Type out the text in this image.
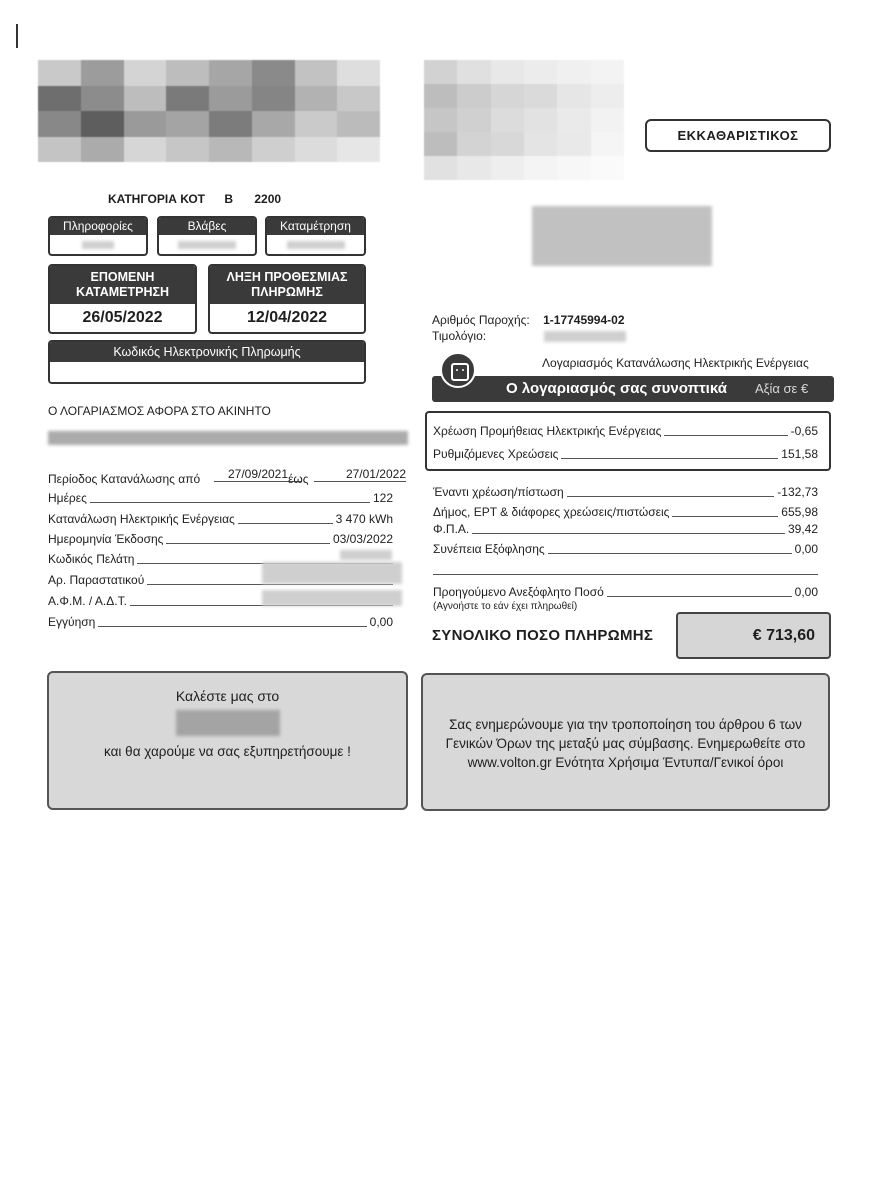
ΕΚΚΑΘΑΡΙΣΤΙΚΟΣ
ΚΑΤΗΓΟΡΙΑ ΚΟΤ B 2200
Πληροφορίες	Βλάβες	Καταμέτρηση
ΕΠΟΜΕΝΗ
ΚΑΤΑΜΕΤΡΗΣΗ
26/05/2022
ΛΗΞΗ ΠΡΟΘΕΣΜΙΑΣ
ΠΛΗΡΩΜΗΣ
12/04/2022
Κωδικός Ηλεκτρονικής Πληρωμής
Ο ΛΟΓΑΡΙΑΣΜΟΣ ΑΦΟΡΑ ΣΤΟ ΑΚΙΝΗΤΟ
Περίοδος Κατανάλωσης από	27/09/2021 έως	27/01/2022
Ημέρες	122
Κατανάλωση Ηλεκτρικής Ενέργειας	3 470 kWh
Ημερομηνία Έκδοσης	03/03/2022
Κωδικός Πελάτη
Αρ. Παραστατικού
Α.Φ.Μ. / Α.Δ.Τ.
Εγγύηση	0,00
Αριθμός Παροχής: 1-17745994-02
Τιμολόγιο:
Λογαριασμός Κατανάλωσης Ηλεκτρικής Ενέργειας
Ο λογαριασμός σας συνοπτικά Αξία σε €
Χρέωση Προμήθειας Ηλεκτρικής Ενέργειας	-0,65
Ρυθμιζόμενες Χρεώσεις	151,58
Έναντι χρέωση/πίστωση	-132,73
Δήμος, ΕΡΤ & διάφορες χρεώσεις/πιστώσεις	655,98
Φ.Π.Α.	39,42
Συνέπεια Εξόφλησης	0,00
Προηγούμενο Ανεξόφλητο Ποσό	0,00
(Αγνοήστε το εάν έχει πληρωθεί)
ΣΥΝΟΛΙΚΟ ΠΟΣΟ ΠΛΗΡΩΜΗΣ	€ 713,60
Καλέστε μας στο
και θα χαρούμε να σας εξυπηρετήσουμε !
Σας ενημερώνουμε για την τροποποίηση του άρθρου 6 των
Γενικών Όρων της μεταξύ μας σύμβασης. Ενημερωθείτε στο
www.volton.gr Ενότητα Χρήσιμα Έντυπα/Γενικοί όροι
